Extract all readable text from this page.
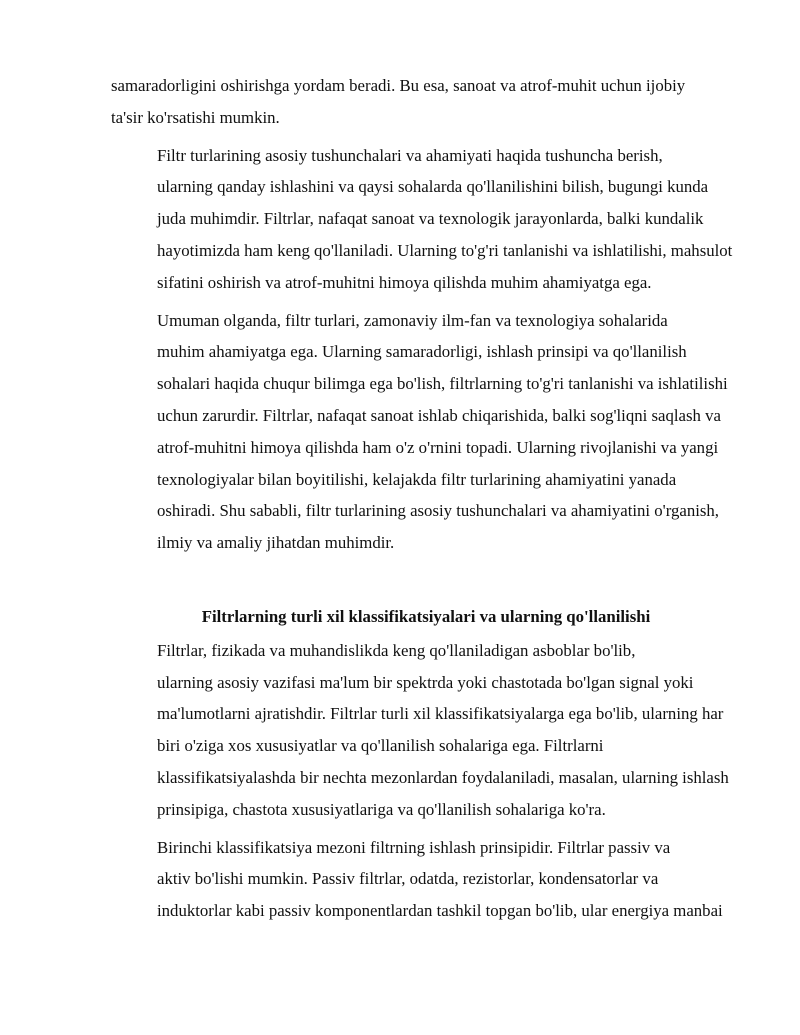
samaradorligini oshirishga yordam beradi. Bu esa, sanoat va atrof-muhit uchun ijobiy
ta'sir ko'rsatishi mumkin.

Filtr turlarining asosiy tushunchalari va ahamiyati haqida tushuncha berish,
ularning qanday ishlashini va qaysi sohalarda qo'llanilishini bilish, bugungi kunda
juda muhimdir. Filtrlar, nafaqat sanoat va texnologik jarayonlarda, balki kundalik
hayotimizda ham keng qo'llaniladi. Ularning to'g'ri tanlanishi va ishlatilishi, mahsulot
sifatini oshirish va atrof-muhitni himoya qilishda muhim ahamiyatga ega.

Umuman olganda, filtr turlari, zamonaviy ilm-fan va texnologiya sohalarida
muhim ahamiyatga ega. Ularning samaradorligi, ishlash prinsipi va qo'llanilish
sohalari haqida chuqur bilimga ega bo'lish, filtrlarning to'g'ri tanlanishi va ishlatilishi
uchun zarurdir. Filtrlar, nafaqat sanoat ishlab chiqarishida, balki sog'liqni saqlash va
atrof-muhitni himoya qilishda ham o'z o'rnini topadi. Ularning rivojlanishi va yangi
texnologiyalar bilan boyitilishi, kelajakda filtr turlarining ahamiyatini yanada
oshiradi. Shu sababli, filtr turlarining asosiy tushunchalari va ahamiyatini o'rganish,
ilmiy va amaliy jihatdan muhimdir.

Filtrlarning turli xil klassifikatsiyalari va ularning qo'llanilishi

Filtrlar, fizikada va muhandislikda keng qo'llaniladigan asboblar bo'lib,
ularning asosiy vazifasi ma'lum bir spektrda yoki chastotada bo'lgan signal yoki
ma'lumotlarni ajratishdir. Filtrlar turli xil klassifikatsiyalarga ega bo'lib, ularning har
biri o'ziga xos xususiyatlar va qo'llanilish sohalariga ega. Filtrlarni
klassifikatsiyalashda bir nechta mezonlardan foydalaniladi, masalan, ularning ishlash
prinsipiga, chastota xususiyatlariga va qo'llanilish sohalariga ko'ra.

Birinchi klassifikatsiya mezoni filtrning ishlash prinsipidir. Filtrlar passiv va
aktiv bo'lishi mumkin. Passiv filtrlar, odatda, rezistorlar, kondensatorlar va
induktorlar kabi passiv komponentlardan tashkil topgan bo'lib, ular energiya manbai
